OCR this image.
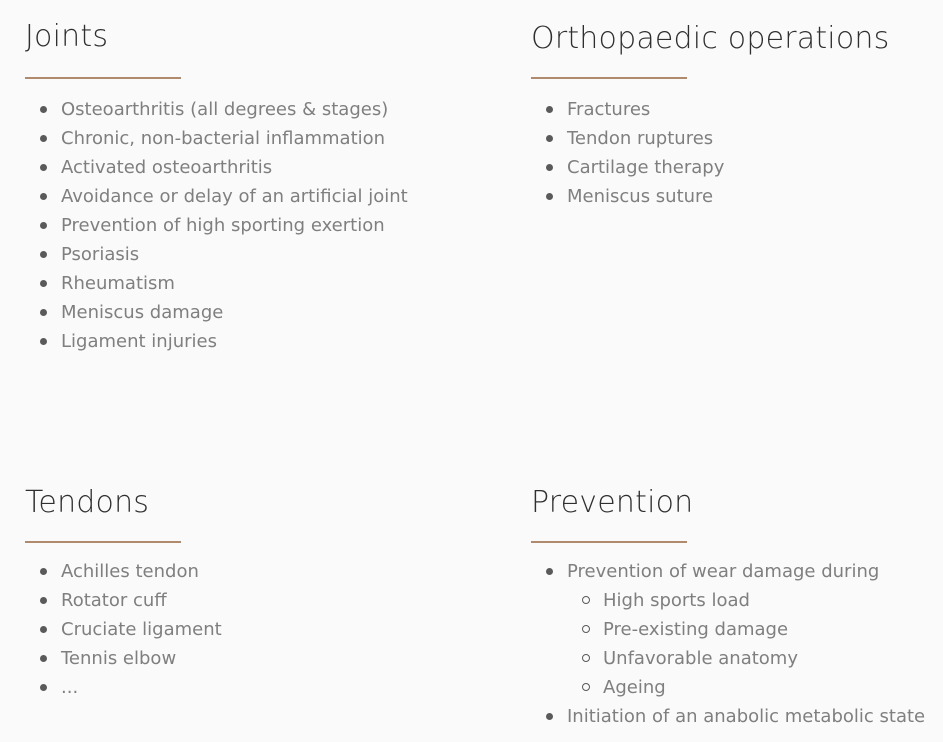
Joints
Osteoarthritis (all degrees & stages)
Chronic, non-bacterial inflammation
Activated osteoarthritis
Avoidance or delay of an artificial joint
Prevention of high sporting exertion
Psoriasis
Rheumatism
Meniscus damage
Ligament injuries
Orthopaedic operations
Fractures
Tendon ruptures
Cartilage therapy
Meniscus suture
Tendons
Achilles tendon
Rotator cuff
Cruciate ligament
Tennis elbow
...
Prevention
Prevention of wear damage during
High sports load
Pre-existing damage
Unfavorable anatomy
Ageing
Initiation of an anabolic metabolic state
